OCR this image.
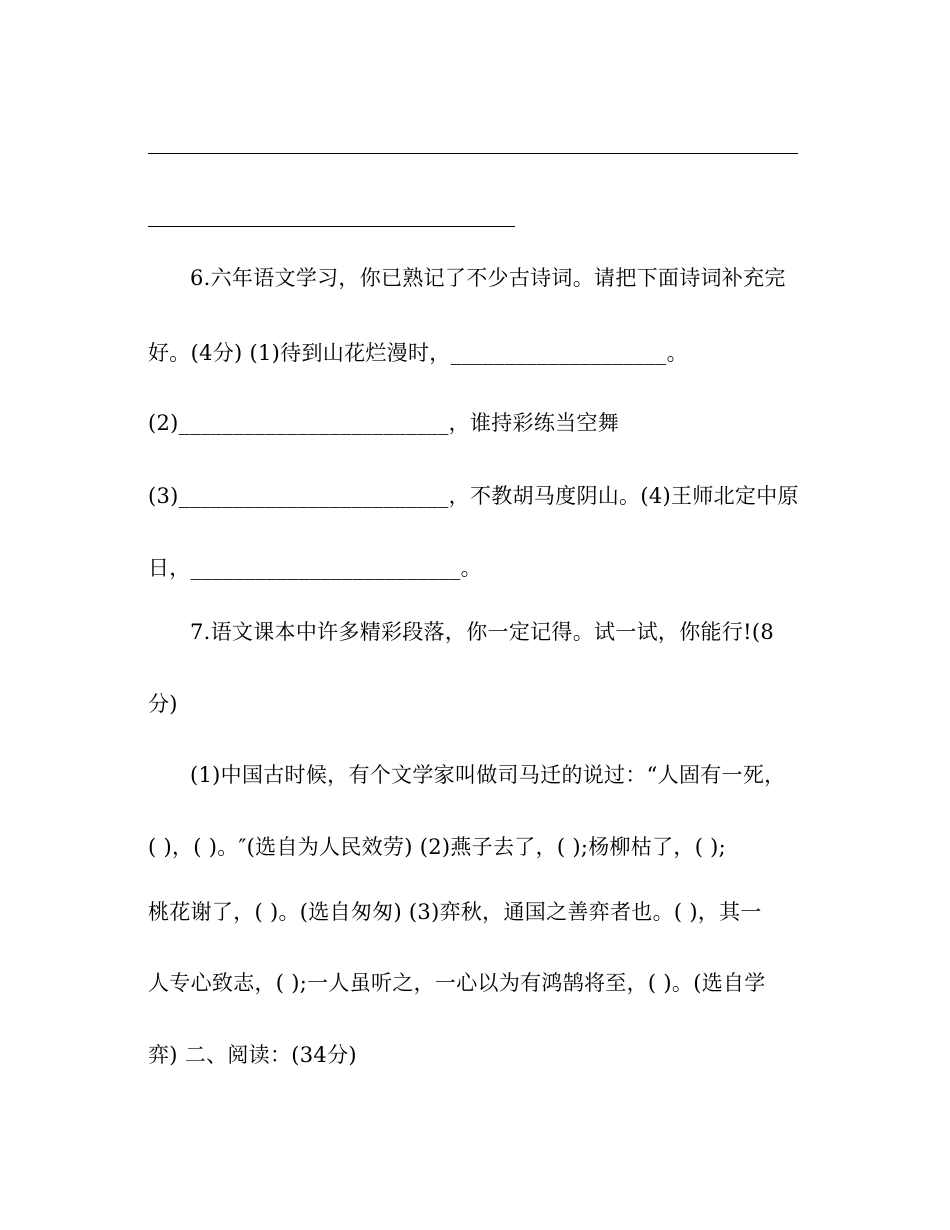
6.六年语文学习，你已熟记了不少古诗词。请把下面诗词补充完
好。(4分) (1)待到山花烂漫时，____________________。
(2)_________________________，谁持彩练当空舞
(3)_________________________，不教胡马度阴山。(4)王师北定中原
日，_________________________。
7.语文课本中许多精彩段落，你一定记得。试一试，你能行!(8
分)
(1)中国古时候，有个文学家叫做司马迁的说过：“人固有一死，
( )，( )。″(选自为人民效劳) (2)燕子去了，( );杨柳枯了，( );
桃花谢了，( )。(选自匆匆) (3)弈秋，通国之善弈者也。( )，其一
人专心致志，( );一人虽听之，一心以为有鸿鹄将至，( )。(选自学
弈) 二、阅读：(34分)
